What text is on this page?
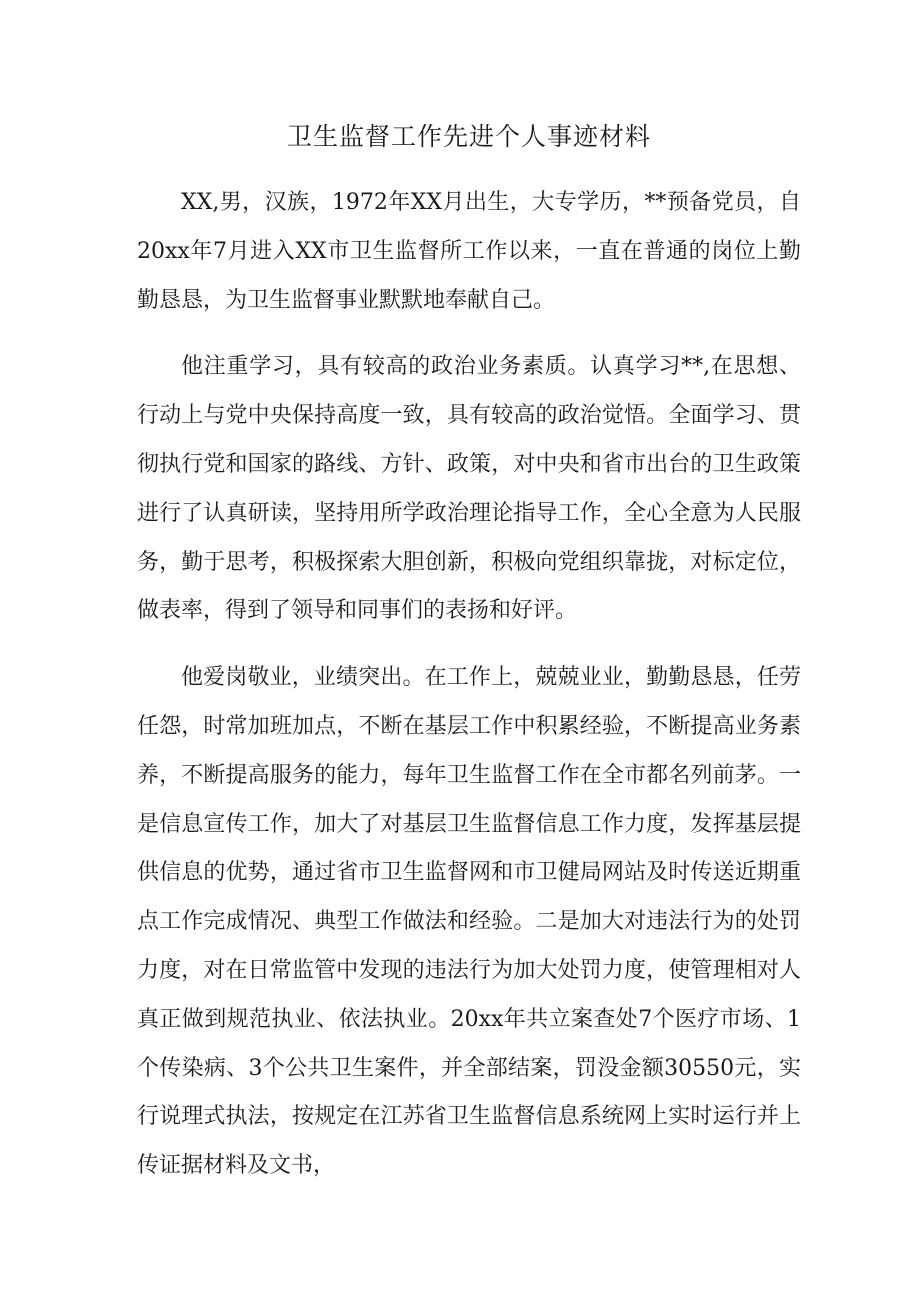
卫生监督工作先进个人事迹材料

XX,男，汉族，1972年XX月出生，大专学历，**预备党员，自20xx年7月进入XX市卫生监督所工作以来，一直在普通的岗位上勤勤恳恳，为卫生监督事业默默地奉献自己。

他注重学习，具有较高的政治业务素质。认真学习**,在思想、行动上与党中央保持高度一致，具有较高的政治觉悟。全面学习、贯彻执行党和国家的路线、方针、政策，对中央和省市出台的卫生政策进行了认真研读，坚持用所学政治理论指导工作，全心全意为人民服务，勤于思考，积极探索大胆创新，积极向党组织靠拢，对标定位，做表率，得到了领导和同事们的表扬和好评。

他爱岗敬业，业绩突出。在工作上，兢兢业业，勤勤恳恳，任劳任怨，时常加班加点，不断在基层工作中积累经验，不断提高业务素养，不断提高服务的能力，每年卫生监督工作在全市都名列前茅。一是信息宣传工作，加大了对基层卫生监督信息工作力度，发挥基层提供信息的优势，通过省市卫生监督网和市卫健局网站及时传送近期重点工作完成情况、典型工作做法和经验。二是加大对违法行为的处罚力度，对在日常监管中发现的违法行为加大处罚力度，使管理相对人真正做到规范执业、依法执业。20xx年共立案查处7个医疗市场、1个传染病、3个公共卫生案件，并全部结案，罚没金额30550元，实行说理式执法，按规定在江苏省卫生监督信息系统网上实时运行并上传证据材料及文书，
